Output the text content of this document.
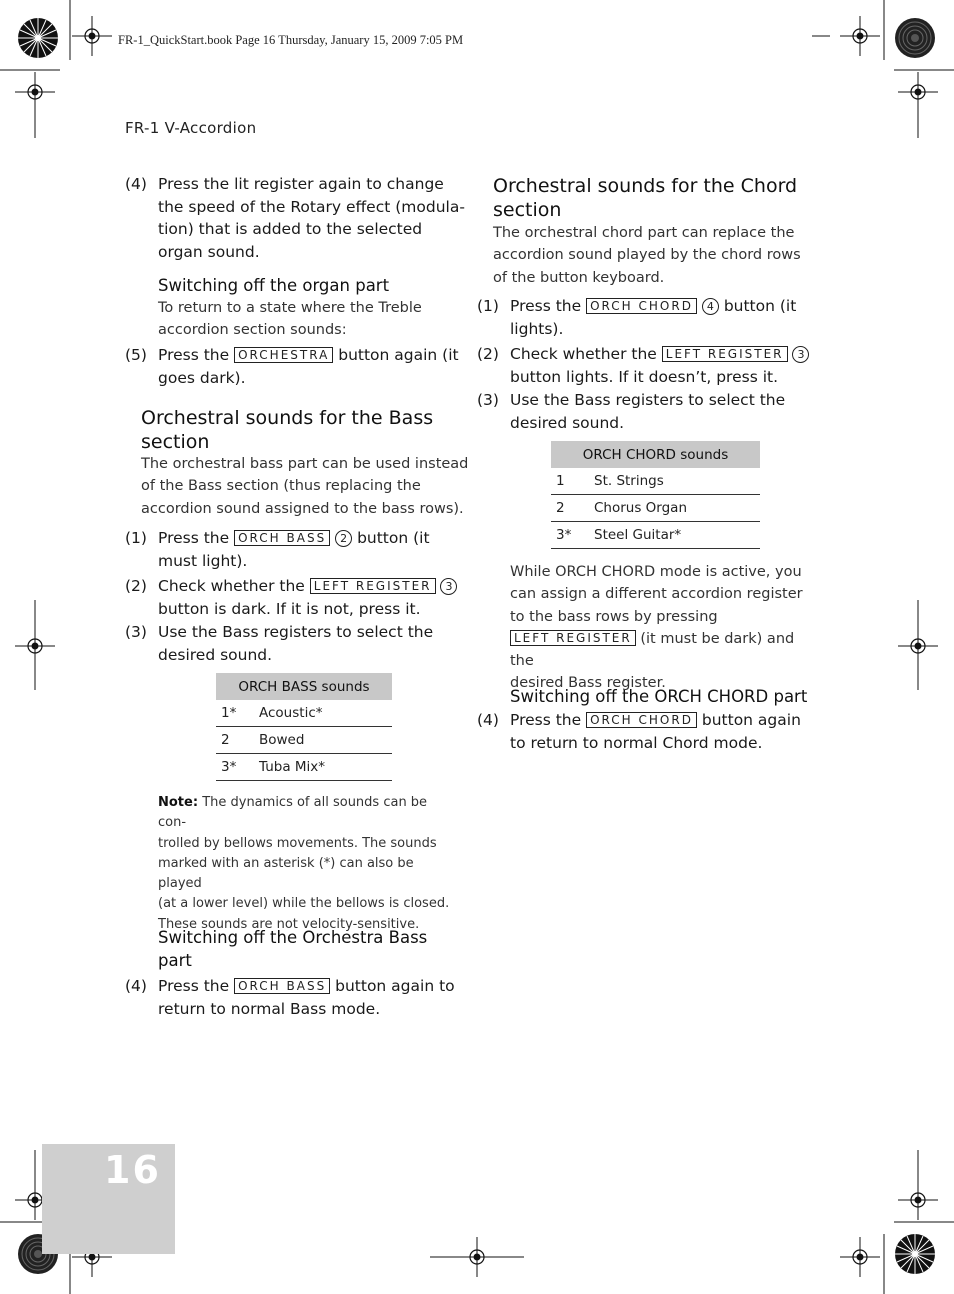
FR-1_QuickStart.book Page 16 Thursday, January 15, 2009 7:05 PM
FR-1 V-Accordion
(4) Press the lit register again to change
the speed of the Rotary effect (modula-
tion) that is added to the selected
organ sound.
Switching off the organ part
To return to a state where the Treble
accordion section sounds:
(5) Press the ORCHESTRA button again (it
goes dark).
Orchestral sounds for the Bass
section
The orchestral bass part can be used instead
of the Bass section (thus replacing the
accordion sound assigned to the bass rows).
(1) Press the ORCH BASS 2 button (it
must light).
(2) Check whether the LEFT REGISTER 3
button is dark. If it is not, press it.
(3) Use the Bass registers to select the
desired sound.
ORCH BASS sounds	
1*	Acoustic*
2	Bowed
3*	Tuba Mix*
Note: The dynamics of all sounds can be con-
trolled by bellows movements. The sounds
marked with an asterisk (*) can also be played
(at a lower level) while the bellows is closed.
These sounds are not velocity-sensitive.
Switching off the Orchestra Bass
part
(4) Press the ORCH BASS button again to
return to normal Bass mode.
Orchestral sounds for the Chord
section
The orchestral chord part can replace the
accordion sound played by the chord rows
of the button keyboard.
(1) Press the ORCH CHORD 4 button (it
lights).
(2) Check whether the LEFT REGISTER 3
button lights. If it doesn’t, press it.
(3) Use the Bass registers to select the
desired sound.
ORCH CHORD sounds	
1	St. Strings
2	Chorus Organ
3*	Steel Guitar*
While ORCH CHORD mode is active, you
can assign a different accordion register
to the bass rows by pressing
LEFT REGISTER (it must be dark) and the
desired Bass register.
Switching off the ORCH CHORD part
(4) Press the ORCH CHORD button again
to return to normal Chord mode.
16
